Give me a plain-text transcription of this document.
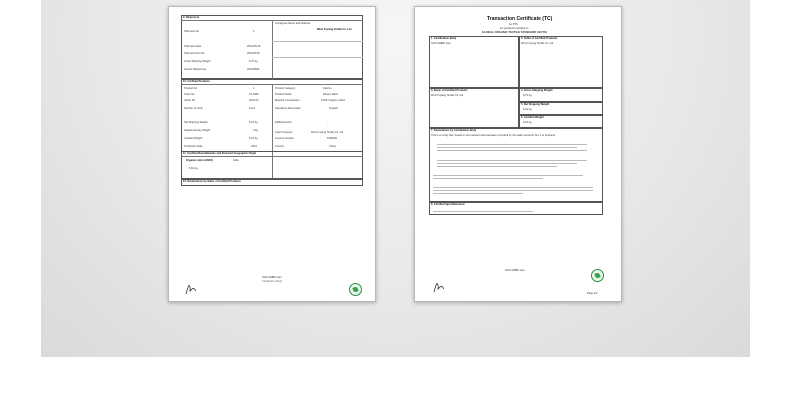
9. Shipments
Consignee Name and Address
Wuxi Fuyang Textile Co.,Ltd
Shipment No	1
Shipment Date	2023-05-26
Shipment Doc No	2023-0578
Gross Shipping Weight	6,70 kg
Invoice References	2023/0582
10. Certified Products
Product No	1
Order No	10-1082
Article No	2023-02
Number of Units	6 pcs
Net Shipping Weight	6,61 kg
Supplementary Weight	0 kg
Certified Weight	6,61 kg
Production Date	2023
Product Category	Fabrics
Product Detail	Woven fabric
Material Composition	100% Organic cotton
Standard Label Grade	Organic
Additional Info	-
Last Processor	Wuxi Fuyang Textile Co.,Ltd
Licence Number	6100000
Country	China
11. Certified Raw Materials and Declared Geographic Origin
Organic cotton (2023)	India
6,61 kg
12. Declarations by Seller of Certified Products
SGS GMBH Gen.
Certification Body
Transaction Certificate (TC)
for PTs
for products certified to
GLOBAL ORGANIC TEXTILE STANDARD (GOTS)
1. Certification Body
SGS GMBH Gen.
2. Seller of Certified Products
Wuxi Fuyang Textile Co.,Ltd
3. Buyer of Certified Products
Wuxi Fuyang Textile Co.,Ltd
4. Gross Shipping Weight
6,70 kg
5. Net Shipping Weight
6,61 kg
6. Certified Weight
6,61 kg
7. Declarations by Certification Body
This is to verify that, based on the relevant documentation provided by the seller named in box 2 of products:
8. Certified Input Reference
SGS GMBH Gen.
Page 1/2
